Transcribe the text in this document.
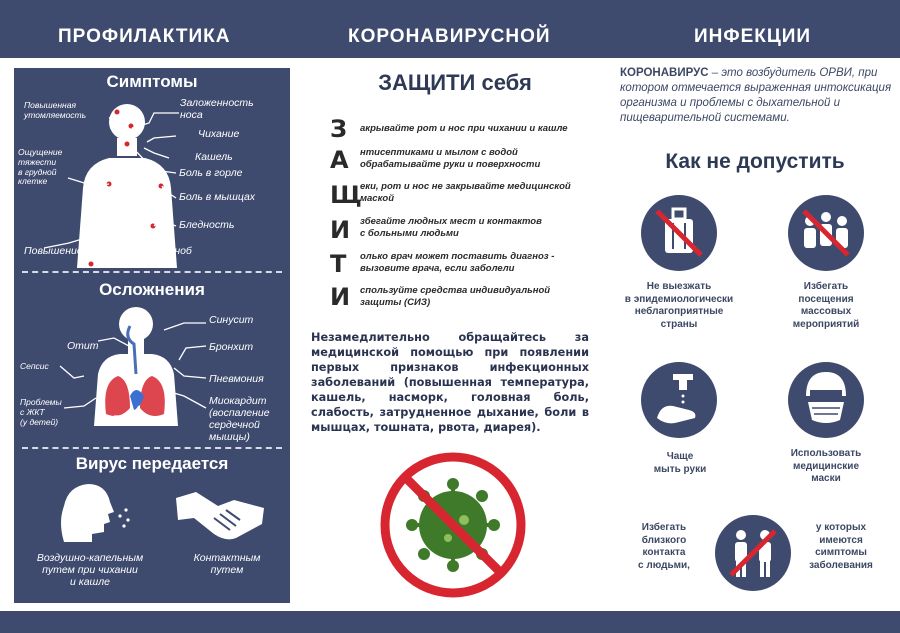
ПРОФИЛАКТИКА	КОРОНАВИРУСНОЙ	ИНФЕКЦИИ
Симптомы
Повышенная
утомляемость
Ощущение
тяжести
в грудной
клетке
Заложенность
носа
Чихание
Кашель
Боль в горле
Боль в мышцах
Бледность
Повышение температуры, озноб
Осложнения
Синусит
Отит	Бронхит
Сепсис
Пневмония
Проблемы
с ЖКТ
(у детей)
Миокардит
(воспаление
сердечной
мышцы)
Вирус передается
Воздушно-капельным
путем при чихании
и кашле
Контактным
путем
ЗАЩИТИ себя
З акрывайте рот и нос при чихании и кашле
А нтисептиками и мылом с водой
обрабатывайте руки и поверхности
Щ
еки, рот и нос не закрывайте медицинской
маской
И збегайте людных мест и контактов
с больными людьми
Т олько врач может поставить диагноз -
вызовите врача, если заболели
И спользуйте средства индивидуальной
защиты (СИЗ)
Незамедлительно обращайтесь за медицинской помощью при появлении первых признаков инфекционных заболеваний (повышенная температура, кашель, насморк, головная боль, слабость, затрудненное дыхание, боли в мышцах, тошната, рвота, диарея).
КОРОНАВИРУС – это возбудитель ОРВИ, при котором отмечается выраженная интоксикация организма и проблемы с дыхательной и пищеварительной системами.
Как не допустить
Не выезжать
в эпидемиологически
неблагоприятные
страны
Избегать
посещения
массовых
мероприятий
Чаще
мыть руки
Использовать
медицинские
маски
Избегать
близкого
контакта
с людьми,
у которых
имеются
симптомы
заболевания
